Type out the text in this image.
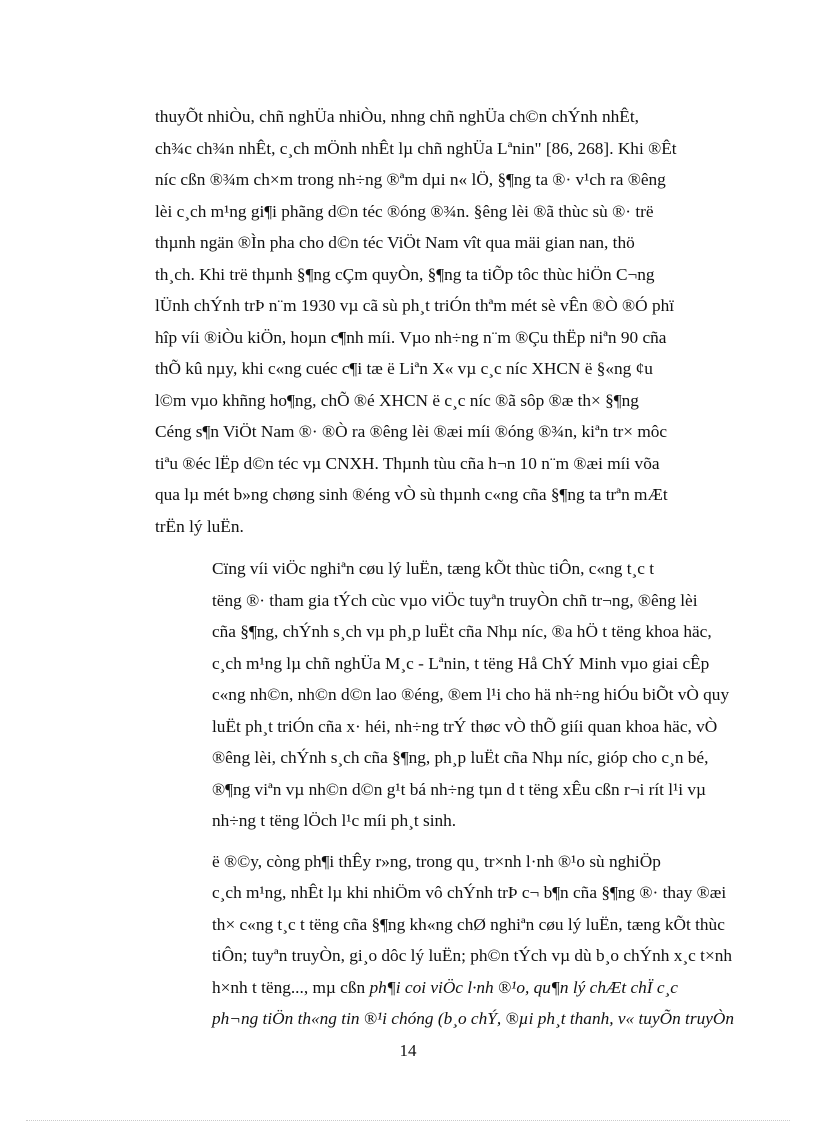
thuyÕt nhiÒu, chñ nghÜa nhiÒu, nhng chñ nghÜa ch©n chÝnh nhÊt,
ch¾c ch¾n nhÊt, c¸ch mÖnh nhÊt lµ chñ nghÜa Lªnin" [86, 268]. Khi ®Êt
níc cßn ®¾m ch×m trong nh÷ng ®ªm dµi n« lÖ, §¶ng ta ®· v¹ch ra ®êng
lèi c¸ch m¹ng gi¶i phãng d©n téc ®óng ®¾n. §êng lèi ®ã thùc sù ®· trë
thµnh ngän ®Ìn pha cho d©n téc ViÖt Nam vît qua mäi gian nan, thö
th¸ch. Khi trë thµnh §¶ng cÇm quyÒn, §¶ng ta tiÕp tôc thùc hiÖn C¬ng
lÜnh chÝnh trÞ n¨m 1930 vµ cã sù ph¸t triÓn thªm mét sè vÊn ®Ò ®Ó phï
hîp víi ®iÒu kiÖn, hoµn c¶nh míi. Vµo nh÷ng n¨m ®Çu thËp niªn 90 cña
thÕ kû nµy, khi c«ng cuéc c¶i tæ ë Liªn X« vµ c¸c níc XHCN ë §«ng ¢u
l©m vµo khñng ho¶ng, chÕ ®é XHCN ë c¸c níc ®ã sôp ®æ th× §¶ng
Céng s¶n ViÖt Nam ®· ®Ò ra ®êng lèi ®æi míi ®óng ®¾n, kiªn tr× môc
tiªu ®éc lËp d©n téc vµ CNXH. Thµnh tùu cña h¬n 10 n¨m ®æi míi võa
qua lµ mét b»ng chøng sinh ®éng vÒ sù thµnh c«ng cña §¶ng ta trªn mÆt
trËn lý luËn.
Cïng víi viÖc nghiªn cøu lý luËn, tæng kÕt thùc tiÔn, c«ng t¸c t
tëng ®· tham gia tÝch cùc vµo viÖc tuyªn truyÒn chñ tr¬ng, ®êng lèi
cña §¶ng, chÝnh s¸ch vµ ph¸p luËt cña Nhµ níc, ®a hÖ t tëng khoa häc,
c¸ch m¹ng lµ chñ nghÜa M¸c - Lªnin, t tëng Hå ChÝ Minh vµo giai cÊp
c«ng nh©n, nh©n d©n lao ®éng, ®em l¹i cho hä nh÷ng hiÓu biÕt vÒ quy
luËt ph¸t triÓn cña x· héi, nh÷ng trÝ thøc vÒ thÕ giíi quan khoa häc, vÒ
®êng lèi, chÝnh s¸ch cña §¶ng, ph¸p luËt cña Nhµ níc, gióp cho c¸n bé,
®¶ng viªn vµ nh©n d©n g¹t bá nh÷ng tµn d t tëng xÊu cßn r¬i rít l¹i vµ
nh÷ng t tëng lÖch l¹c míi ph¸t sinh.
ë ®©y, còng ph¶i thÊy r»ng, trong qu¸ tr×nh l·nh ®¹o sù nghiÖp
c¸ch m¹ng, nhÊt lµ khi nhiÖm vô chÝnh trÞ c¬ b¶n cña §¶ng ®· thay ®æi
th× c«ng t¸c t tëng cña §¶ng kh«ng chØ nghiªn cøu lý luËn, tæng kÕt thùc
tiÔn; tuyªn truyÒn, gi¸o dôc lý luËn; ph©n tÝch vµ dù b¸o chÝnh x¸c t×nh
h×nh t tëng..., mµ cßn ph¶i coi viÖc l·nh ®¹o, qu¶n lý chÆt chÏ c¸c
ph¬ng tiÖn th«ng tin ®¹i chóng (b¸o chÝ, ®µi ph¸t thanh, v« tuyÕn truyÒn
14
